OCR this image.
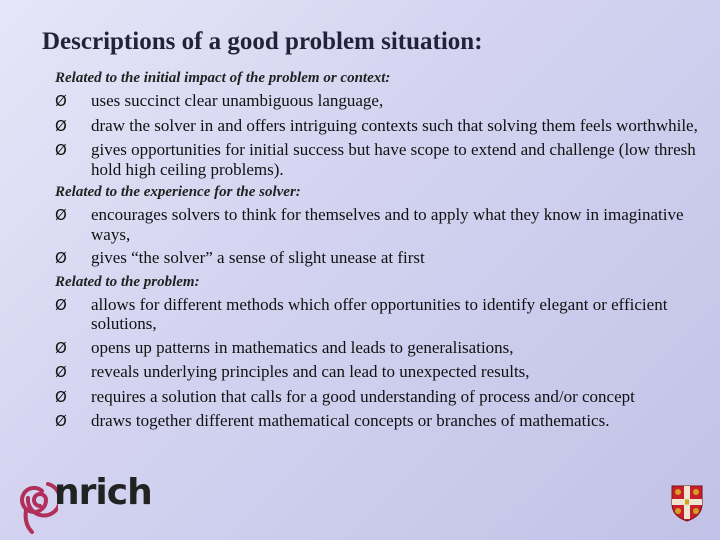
Descriptions of a good problem situation:
Related to the initial impact of the problem or context:
Ø	uses succinct clear unambiguous language,
Ø	draw the solver in and offers intriguing contexts such that solving them feels worthwhile,
Ø	gives opportunities for initial success but have scope to extend and challenge (low thresh hold high ceiling problems).
Related to the experience for the solver:
Ø	encourages solvers to think for themselves and to apply what they know in imaginative ways,
Ø	gives “the solver” a sense of slight unease at first
Related to the problem:
Ø	allows for different methods which offer opportunities to identify elegant or efficient solutions,
Ø	opens up patterns in mathematics and leads to generalisations,
Ø	reveals underlying principles and can lead to unexpected results,
Ø	requires a solution that calls for a good understanding of process and/or concept
Ø	draws together different mathematical concepts or branches of mathematics.
nrich
